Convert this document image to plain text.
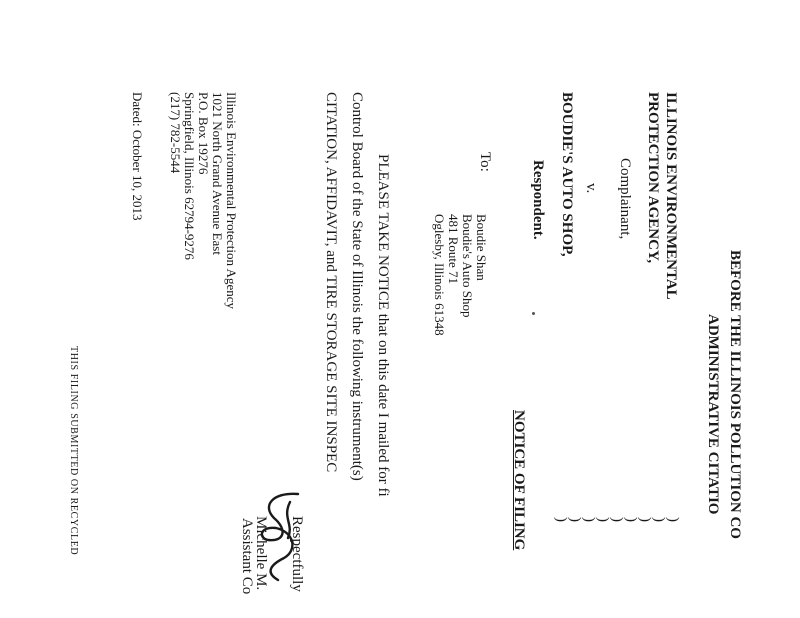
BEFORE THE ILLINOIS POLLUTION CO
ADMINISTRATIVE CITATIO
ILLINOIS ENVIRONMENTAL
PROTECTION AGENCY,
Complainant,
v.
BOUDIE'S AUTO SHOP,
Respondent.
)
)
)
)
)
)
)
)
)
NOTICE OF FILING
To:
Boudie Shan
Boudie's Auto Shop
481 Route 71
Oglesby, Illinois 61348
PLEASE TAKE NOTICE that on this date I mailed for fi
Control Board of the State of Illinois the following instrument(s)
CITATION, AFFIDAVIT, and TIRE STORAGE SITE INSPEC
Respectfully
Michelle M.
Assistant Co
Illinois Environmental Protection Agency
1021 North Grand Avenue East
P.O. Box 19276
Springfield, Illinois 62794-9276
(217) 782-5544
Dated: October 10, 2013
THIS FILING SUBMITTED ON RECYCLED
